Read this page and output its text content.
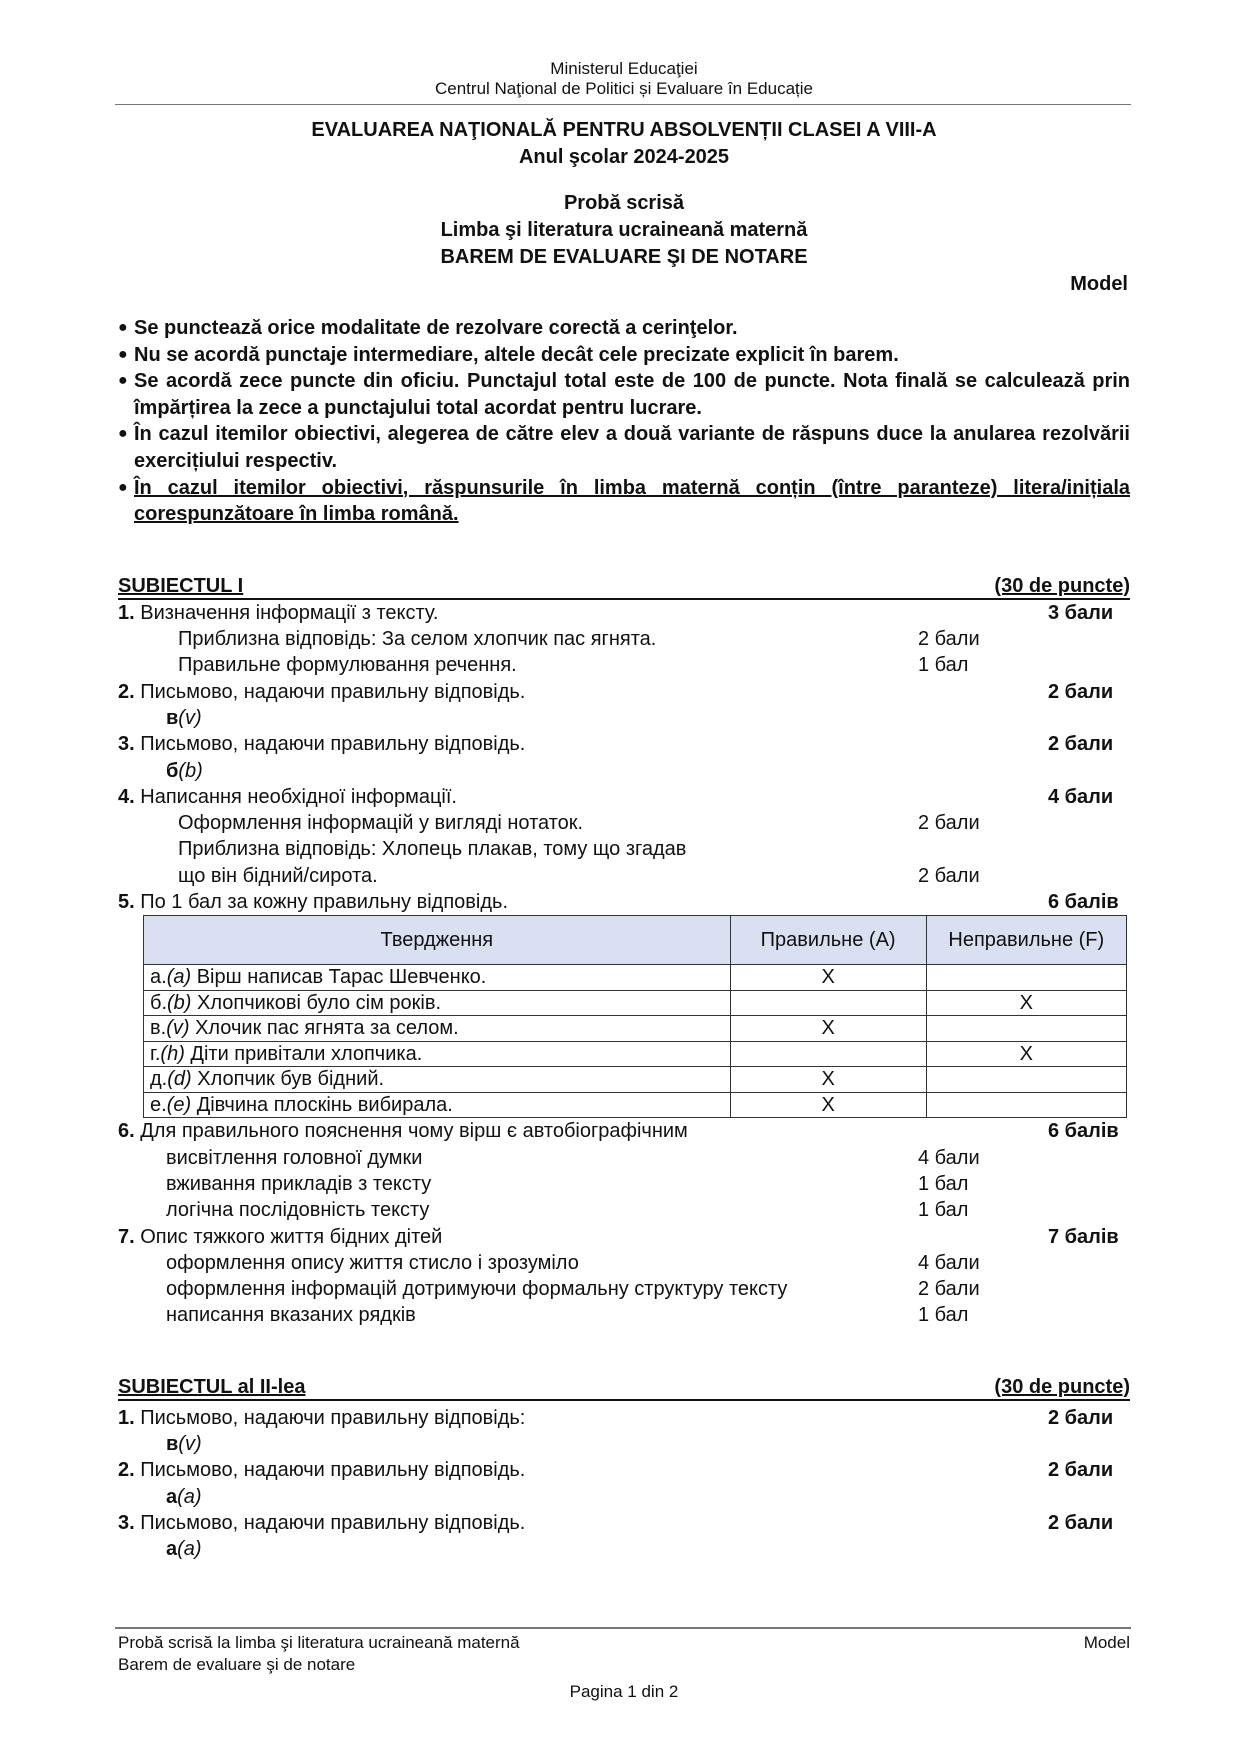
Ministerul Educaţiei
Centrul Naţional de Politici și Evaluare în Educație
EVALUAREA NAŢIONALĂ PENTRU ABSOLVENȚII CLASEI A VIII-A
Anul şcolar 2024-2025
Probă scrisă
Limba şi literatura ucraineană maternă
BAREM DE EVALUARE ŞI DE NOTARE
Model
● Se punctează orice modalitate de rezolvare corectă a cerinţelor.
● Nu se acordă punctaje intermediare, altele decât cele precizate explicit în barem.
● Se acordă zece puncte din oficiu. Punctajul total este de 100 de puncte. Nota finală se calculează prin împărțirea la zece a punctajului total acordat pentru lucrare.
● În cazul itemilor obiectivi, alegerea de către elev a două variante de răspuns duce la anularea rezolvării exercițiului respectiv.
● În cazul itemilor obiectivi, răspunsurile în limba maternă conțin (între paranteze) litera/inițiala corespunzătoare în limba română.
SUBIECTUL I	(30 de puncte)
1. Визначення інформації з тексту.	3 бали
Приблизна відповідь: За селом хлопчик пас ягнята.	2 бали
Правильне формулювання речення.	1 бал
2. Письмово, надаючи правильну відповідь.	2 бали
в(v)
3. Письмово, надаючи правильну відповідь.	2 бали
б(b)
4. Написання необхідної інформації.	4 бали
Оформлення інформацій у вигляді нотаток.	2 бали
Приблизна відповідь: Хлопець плакав, тому що згадав
що він бідний/сирота.	2 бали
5. По 1 бал за кожну правильну відповідь.	6 балів
Твердження	Правильне (A)	Неправильне (F)
а.(a) Вірш написав Тарас Шевченко.	X	
б.(b) Хлопчикові було сім років.		X
в.(v) Хлочик пас ягнята за селом.	X	
г.(h) Діти привітали хлопчика.		X
д.(d) Хлопчик був бідний.	X	
е.(e) Дівчина плоскінь вибирала.	X	
6. Для правильного пояснення чому вірш є автобіографічним	6 балів
висвітлення головної думки	4 бали
вживання прикладів з тексту	1 бал
логічна послідовність тексту	1 бал
7. Опис тяжкого життя бідних дітей	7 балів
оформлення опису життя стисло і зрозуміло	4 бали
оформлення інформацій дотримуючи формальну структуру тексту	2 бали
написання вказаних рядків	1 бал
SUBIECTUL al II-lea	(30 de puncte)
1. Письмово, надаючи правильну відповідь:	2 бали
в(v)
2. Письмово, надаючи правильну відповідь.	2 бали
а(a)
3. Письмово, надаючи правильну відповідь.	2 бали
а(a)
Probă scrisă la limba şi literatura ucraineană maternă	Model
Barem de evaluare şi de notare
Pagina 1 din 2
